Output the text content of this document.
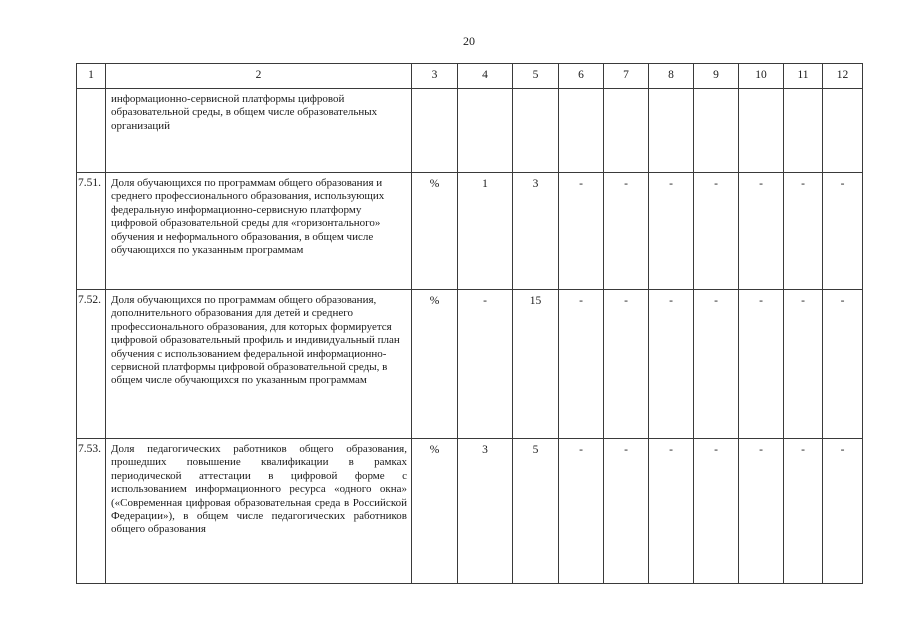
20
1	2	3	4	5	6	7	8	9	10	11	12
	информационно-сервисной платформы цифровой образовательной среды, в общем числе образовательных организаций										
7.51.	Доля обучающихся по программам общего образования и среднего профессионального образования, использующих федеральную информационно-сервисную платформу цифровой образовательной среды для «горизонтального» обучения и неформального образования, в общем числе обучающихся по указанным программам	%	1	3	-	-	-	-	-	-	-
7.52.	Доля обучающихся по программам общего образования, дополнительного образования для детей и среднего профессионального образования, для которых формируется цифровой образовательный профиль и индивидуальный план обучения с использованием федеральной информационно-сервисной платформы цифровой образовательной среды, в общем числе обучающихся по указанным программам	%	-	15	-	-	-	-	-	-	-
7.53.	Доля педагогических работников общего образования, прошедших повышение квалификации в рамках периодической аттестации в цифровой форме с использованием информационного ресурса «одного окна» («Современная цифровая образовательная среда в Российской Федерации»), в общем числе педагогических работников общего образования	%	3	5	-	-	-	-	-	-	-
